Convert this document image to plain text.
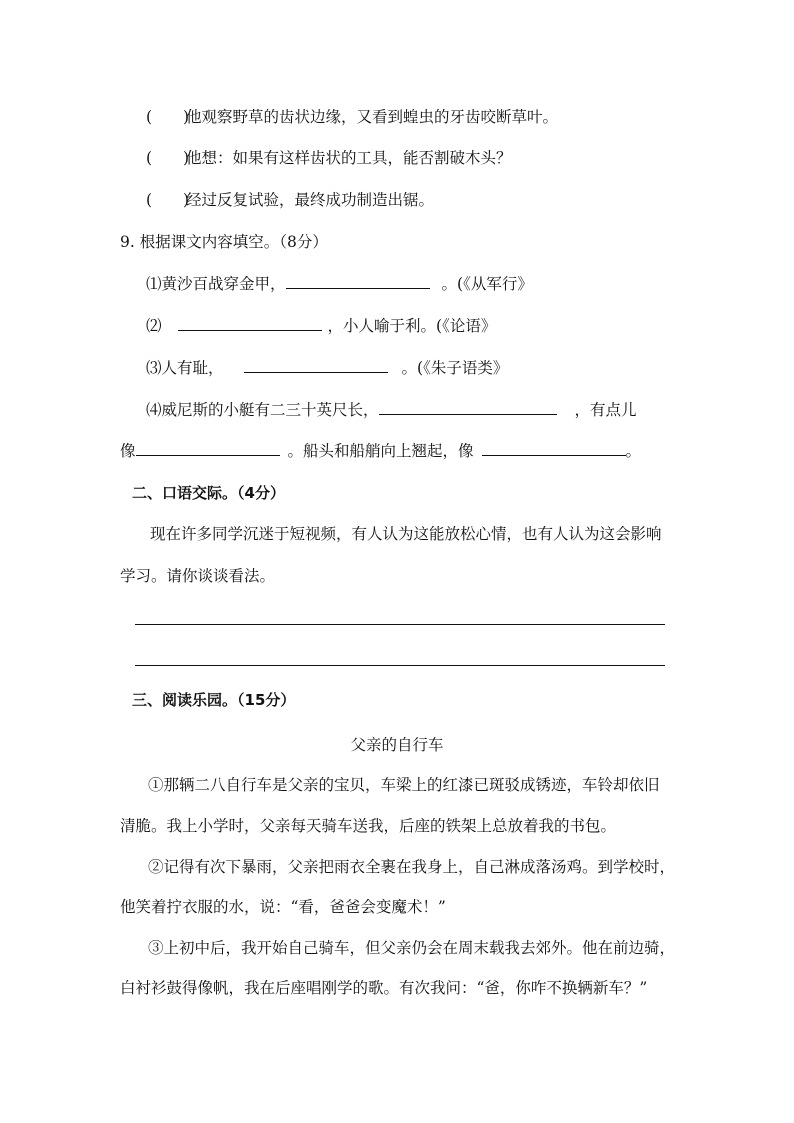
(　　)他观察野草的齿状边缘，又看到蝗虫的牙齿咬断草叶。
(　　)他想：如果有这样齿状的工具，能否割破木头？
(　　)经过反复试验，最终成功制造出锯。
9. 根据课文内容填空。（8分）
⑴黄沙百战穿金甲，	。(《从军行》
⑵	，小人喻于利。(《论语》
⑶人有耻，	。(《朱子语类》
⑷威尼斯的小艇有二三十英尺长，	，有点儿
像	。船头和船艄向上翘起，像	。
二、口语交际。（4分）
现在许多同学沉迷于短视频，有人认为这能放松心情，也有人认为这会影响
学习。请你谈谈看法。
三、阅读乐园。（15分）
父亲的自行车
①那辆二八自行车是父亲的宝贝，车梁上的红漆已斑驳成锈迹，车铃却依旧
清脆。我上小学时，父亲每天骑车送我，后座的铁架上总放着我的书包。
②记得有次下暴雨，父亲把雨衣全裹在我身上，自己淋成落汤鸡。到学校时，
他笑着拧衣服的水，说：“看，爸爸会变魔术！”
③上初中后，我开始自己骑车，但父亲仍会在周末载我去郊外。他在前边骑，
白衬衫鼓得像帆，我在后座唱刚学的歌。有次我问：“爸，你咋不换辆新车？”
